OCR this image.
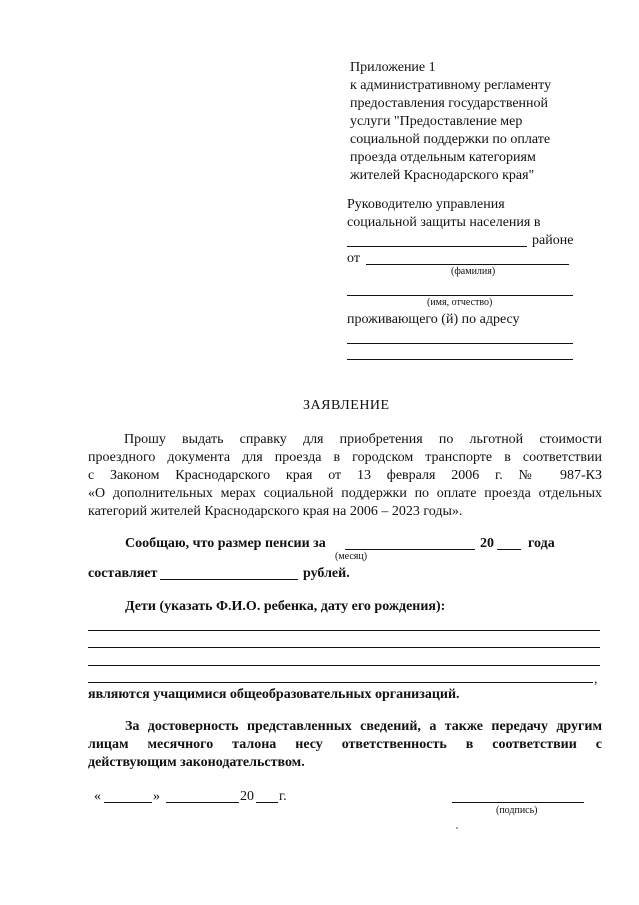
Приложение 1
к административному регламенту
предоставления государственной
услуги "Предоставление мер
социальной поддержки по оплате
проезда отдельным категориям
жителей Краснодарского края"
Руководителю управления
социальной защиты населения в
районе
от
(фамилия)
(имя, отчество)
проживающего (й) по адресу
ЗАЯВЛЕНИЕ
Прошу выдать справку для приобретения по льготной стоимости
проездного документа для проезда в городском транспорте в соответствии
с Законом Краснодарского края от 13 февраля 2006 г. № 987-КЗ
«О дополнительных мерах социальной поддержки по оплате проезда отдельных
категорий жителей Краснодарского края на 2006 – 2023 годы».
Сообщаю, что размер пенсии за	20 года
(месяц)
составляет	рублей.
Дети (указать Ф.И.О. ребенка, дату его рождения):
,
являются учащимися общеобразовательных организаций.
За достоверность представленных сведений, а также передачу другим
лицам месячного талона несу ответственность в соответствии с
действующим законодательством.
«	»	20 г.
(подпись)
